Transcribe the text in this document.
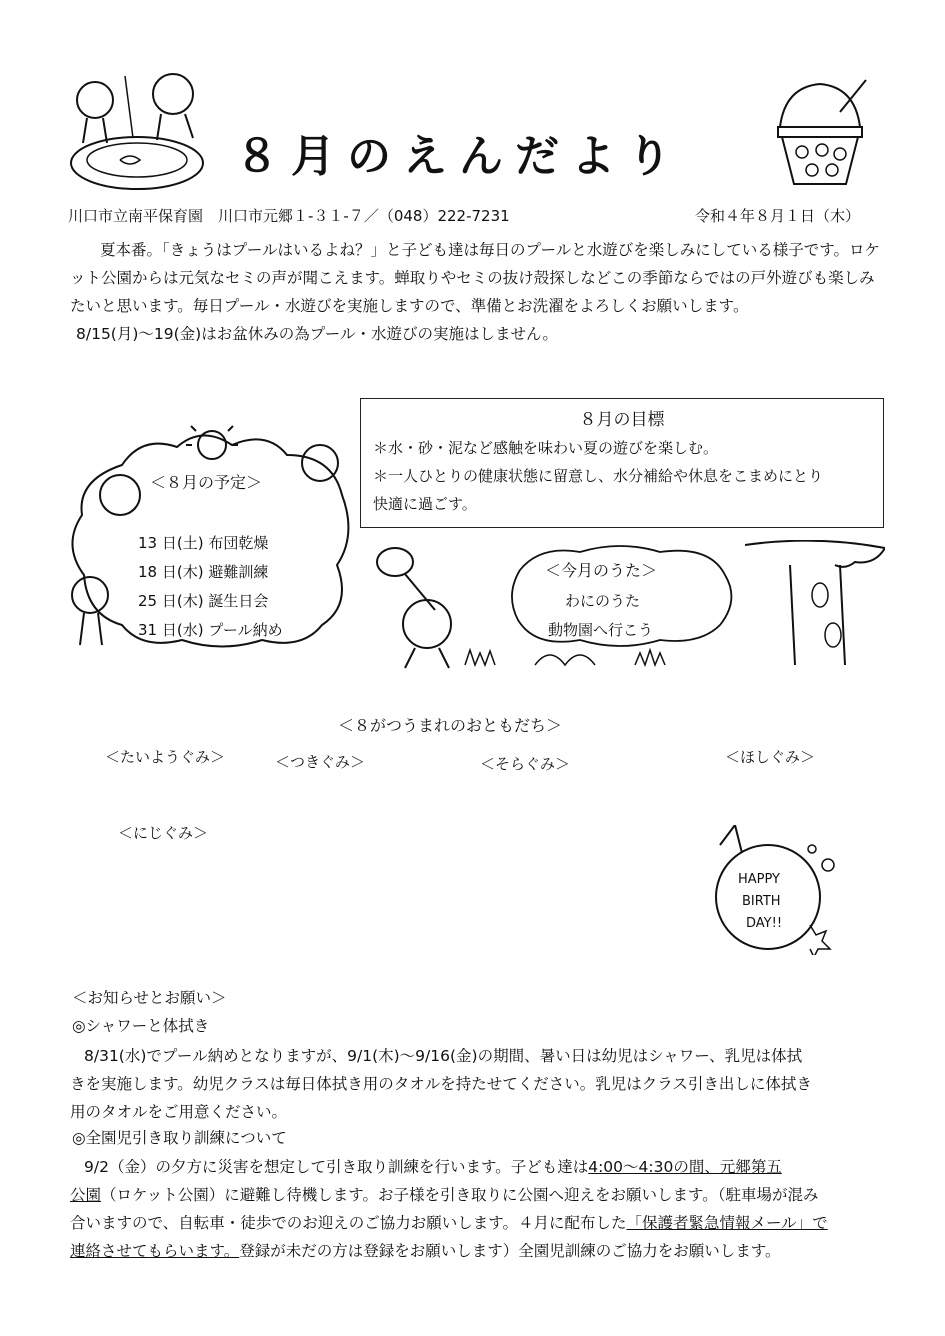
８月のえんだより
川口市立南平保育園　川口市元郷１-３１-７／（048）222-7231	令和４年８月１日（木）
夏本番。「きょうはプールはいるよね？」と子ども達は毎日のプールと水遊びを楽しみにしている様子です。ロケ
ット公園からは元気なセミの声が聞こえます。蝉取りやセミの抜け殻探しなどこの季節ならではの戸外遊びも楽しみ
たいと思います。毎日プール・水遊びを実施しますので、準備とお洗濯をよろしくお願いします。
8/15(月)～19(金)はお盆休みの為プール・水遊びの実施はしません。
８月の目標
＊水・砂・泥など感触を味わい夏の遊びを楽しむ。
＊一人ひとりの健康状態に留意し、水分補給や休息をこまめにとり
快適に過ごす。
＜８月の予定＞
13 日(土) 布団乾燥
18 日(木) 避難訓練
25 日(木) 誕生日会
31 日(水) プール納め
＜今月のうた＞
わにのうた
動物園へ行こう
＜８がつうまれのおともだち＞
＜たいようぐみ＞	＜つきぐみ＞	＜そらぐみ＞	＜ほしぐみ＞
＜にじぐみ＞
HAPPY
BIRTH
DAY!!
＜お知らせとお願い＞
◎シャワーと体拭き
8/31(水)でプール納めとなりますが、9/1(木)～9/16(金)の期間、暑い日は幼児はシャワー、乳児は体拭
きを実施します。幼児クラスは毎日体拭き用のタオルを持たせてください。乳児はクラス引き出しに体拭き
用のタオルをご用意ください。
◎全園児引き取り訓練について
9/2（金）の夕方に災害を想定して引き取り訓練を行います。子ども達は4:00～4:30の間、元郷第五
公園（ロケット公園）に避難し待機します。お子様を引き取りに公園へ迎えをお願いします。（駐車場が混み
合いますので、自転車・徒歩でのお迎えのご協力お願いします。４月に配布した「保護者緊急情報メール」で
連絡させてもらいます。登録が未だの方は登録をお願いします）全園児訓練のご協力をお願いします。
